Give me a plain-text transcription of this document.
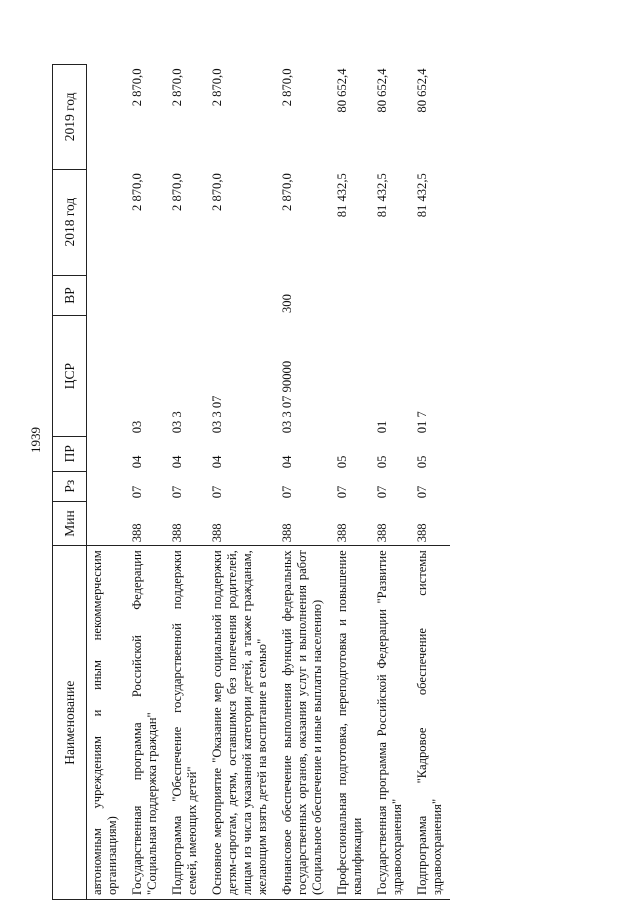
1939
Наименование	Мин	Рз	ПР	ЦСР	ВР	2018 год	2019 год
автономным учреждениям и иным некоммерческим организациям)							
Государственная программа Российской Федерации "Социальная поддержка граждан"	388	07	04	03		2 870,0	2 870,0
Подпрограмма "Обеспечение государственной поддержки семей, имеющих детей"	388	07	04	03 3		2 870,0	2 870,0
Основное мероприятие "Оказание мер социальной поддержки детям-сиротам, детям, оставшимся без попечения родителей, лицам из числа указанной категории детей, а также гражданам, желающим взять детей на воспитание в семью"	388	07	04	03 3 07		2 870,0	2 870,0
Финансовое обеспечение выполнения функций федеральных государственных органов, оказания услуг и выполнения работ (Социальное обеспечение и иные выплаты населению)	388	07	04	03 3 07 90000	300	2 870,0	2 870,0
Профессиональная подготовка, переподготовка и повышение квалификации	388	07	05			81 432,5	80 652,4
Государственная программа Российской Федерации "Развитие здравоохранения"	388	07	05	01		81 432,5	80 652,4
Подпрограмма "Кадровое обеспечение системы здравоохранения"	388	07	05	01 7		81 432,5	80 652,4
